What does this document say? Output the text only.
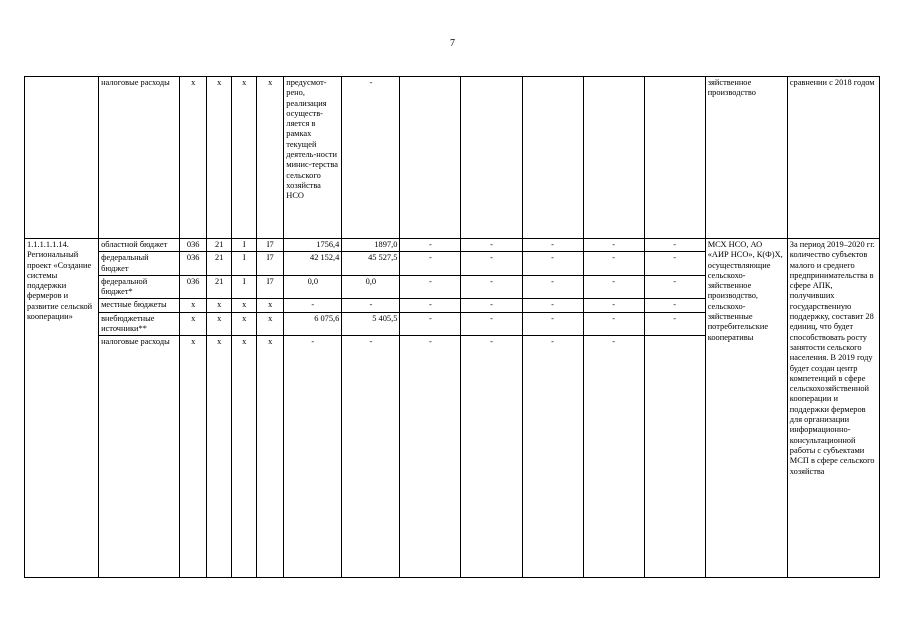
7
	налоговые расходы	х	х	х	х	предусмот-рено, реализация осуществ-ляется в рамках текущей деятель-ности минис-терства сельского хозяйства НСО	-						зяйственное производство	сравнении с 2018 годом
1.1.1.1.1.14. Региональный проект «Создание системы поддержки фермеров и развитие сельской кооперации»	областной бюджет	036	21	I	I7	1756,4	1897,0	-	-	-	-	-	МСХ НСО, АО «АИР НСО», К(Ф)Х, осуществляющие сельскохо-зяйственное производство, сельскохо-зяйственные потребительские кооперативы	За период 2019–2020 гг. количество субъектов малого и среднего предпринимательства в сфере АПК, получивших государственную поддержку, составит 28 единиц, что будет способствовать росту занятости сельского населения. В 2019 году будет создан центр компетенций в сфере сельскохозяйственной кооперации и поддержки фермеров для организации информационно-консультационной работы с субъектами МСП в сфере сельского хозяйства
	федеральный бюджет	036	21	I	I7	42 152,4	45 527,5	-	-	-	-	-		
	федеральной бюджет*	036	21	I	I7	0,0	0,0	-	-	-	-	-		
	местные бюджеты	х	х	х	х	-	-	-	-	-	-	-		
	внебюджетные источники**	х	х	х	х	6 075,6	5 405,5	-	-	-	-	-		
	налоговые расходы	х	х	х	х	-	-	-	-	-	-			
